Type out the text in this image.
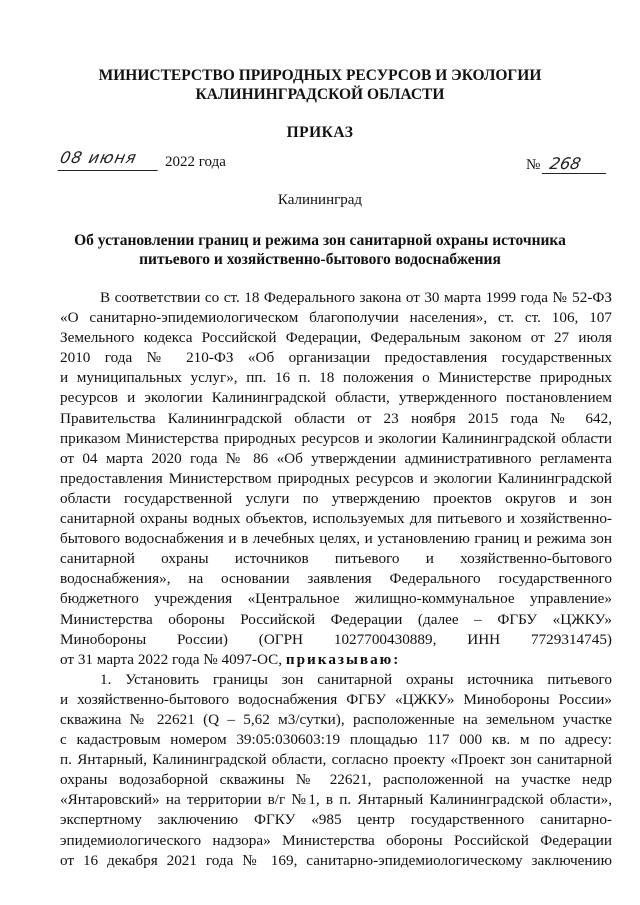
МИНИСТЕРСТВО ПРИРОДНЫХ РЕСУРСОВ И ЭКОЛОГИИ
КАЛИНИНГРАДСКОЙ ОБЛАСТИ
ПРИКАЗ
08 июня	2022 года	№ 268
Калининград
Об установлении границ и режима зон санитарной охраны источника
питьевого и хозяйственно-бытового водоснабжения
В соответствии со ст. 18 Федерального закона от 30 марта 1999 года № 52-ФЗ
«О санитарно-эпидемиологическом благополучии населения», ст. ст. 106, 107
Земельного кодекса Российской Федерации, Федеральным законом от 27 июля
2010 года № 210-ФЗ «Об организации предоставления государственных
и муниципальных услуг», пп. 16 п. 18 положения о Министерстве природных
ресурсов и экологии Калининградской области, утвержденного постановлением
Правительства Калининградской области от 23 ноября 2015 года № 642,
приказом Министерства природных ресурсов и экологии Калининградской области
от 04 марта 2020 года № 86 «Об утверждении административного регламента
предоставления Министерством природных ресурсов и экологии Калининградской
области государственной услуги по утверждению проектов округов и зон
санитарной охраны водных объектов, используемых для питьевого и хозяйственно-
бытового водоснабжения и в лечебных целях, и установлению границ и режима зон
санитарной охраны источников питьевого и хозяйственно-бытового
водоснабжения», на основании заявления Федерального государственного
бюджетного учреждения «Центральное жилищно-коммунальное управление»
Министерства обороны Российской Федерации (далее – ФГБУ «ЦЖКУ»
Минобороны России) (ОГРН 1027700430889, ИНН 7729314745)
от 31 марта 2022 года № 4097-ОС, приказываю:
1. Установить границы зон санитарной охраны источника питьевого
и хозяйственно-бытового водоснабжения ФГБУ «ЦЖКУ» Минобороны России»
скважина № 22621 (Q – 5,62 м3/сутки), расположенные на земельном участке
с кадастровым номером 39:05:030603:19 площадью 117 000 кв. м по адресу:
п. Янтарный, Калининградской области, согласно проекту «Проект зон санитарной
охраны водозаборной скважины № 22621, расположенной на участке недр
«Янтаровский» на территории в/г №1, в п. Янтарный Калининградской области»,
экспертному заключению ФГКУ «985 центр государственного санитарно-
эпидемиологического надзора» Министерства обороны Российской Федерации
от 16 декабря 2021 года № 169, санитарно-эпидемиологическому заключению
